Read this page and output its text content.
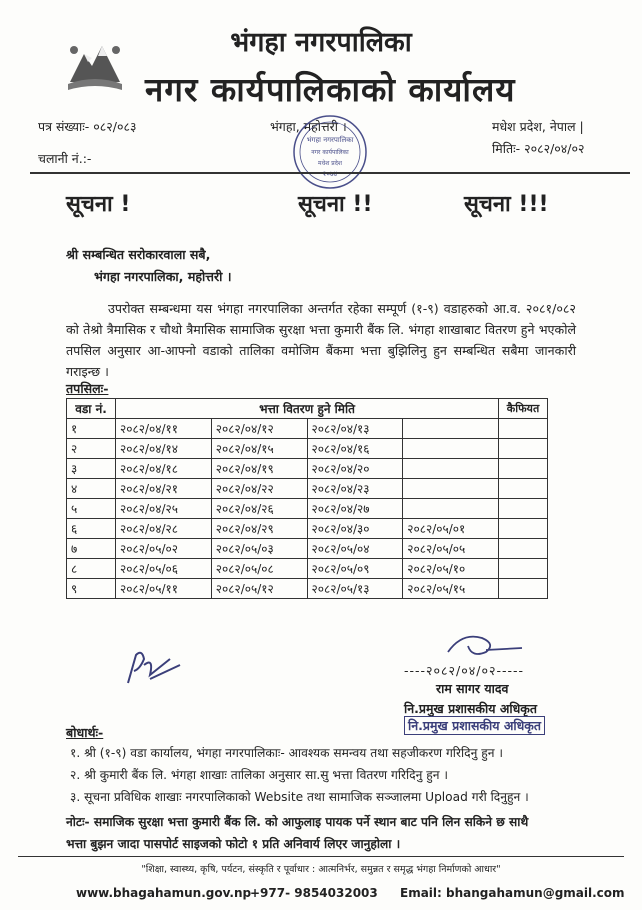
भंगहा नगरपालिका
नगर कार्यपालिकाको कार्यालय
पत्र संख्याः- ०८२/०८३
चलानी नं.:-
भंगहा, महोत्तरी ।	मधेश प्रदेश, नेपाल |
मितिः- २०८२/०४/०२
भंगहा नगरपालिका
नगर कार्यपालिका
मधेश प्रदेश
२०७४
सूचना !	सूचना !!	सूचना !!!
श्री सम्बन्धित सरोकारवाला सबै,
भंगहा नगरपालिका, महोत्तरी ।
उपरोक्त सम्बन्धमा यस भंगहा नगरपालिका अन्तर्गत रहेका सम्पूर्ण (१-९) वडाहरुको आ.व. २०८१/०८२ को तेश्रो त्रैमासिक र चौथो त्रैमासिक सामाजिक सुरक्षा भत्ता कुमारी बैंक लि. भंगहा शाखाबाट वितरण हुने भएकोले तपसिल अनुसार आ-आफ्नो वडाको तालिका वमोजिम बैंकमा भत्ता बुझिलिनु हुन सम्बन्धित सबैमा जानकारी गराइन्छ ।
तपसिलः-
वडा नं.	भत्ता वितरण हुने मिति				कैफियत
१	२०८२/०४/११	२०८२/०४/१२	२०८२/०४/१३		
२	२०८२/०४/१४	२०८२/०४/१५	२०८२/०४/१६		
३	२०८२/०४/१८	२०८२/०४/१९	२०८२/०४/२०		
४	२०८२/०४/२१	२०८२/०४/२२	२०८२/०४/२३		
५	२०८२/०४/२५	२०८२/०४/२६	२०८२/०४/२७		
६	२०८२/०४/२८	२०८२/०४/२९	२०८२/०४/३०	२०८२/०५/०१	
७	२०८२/०५/०२	२०८२/०५/०३	२०८२/०५/०४	२०८२/०५/०५	
८	२०८२/०५/०६	२०८२/०५/०८	२०८२/०५/०९	२०८२/०५/१०	
९	२०८२/०५/११	२०८२/०५/१२	२०८२/०५/१३	२०८२/०५/१५	
----२०८२/०४/०२-----
राम सागर यादव
नि.प्रमुख प्रशासकीय अधिकृत
नि.प्रमुख प्रशासकीय अधिकृत
बोधार्थः-
१. श्री (१-९) वडा कार्यालय, भंगहा नगरपालिकाः- आवश्यक समन्वय तथा सहजीकरण गरिदिनु हुन ।
२. श्री कुमारी बैंक लि. भंगहा शाखाः तालिका अनुसार सा.सु भत्ता वितरण गरिदिनु हुन ।
३. सूचना प्रविधिक शाखाः नगरपालिकाको Website तथा सामाजिक सञ्जालमा Upload गरी दिनुहुन ।
नोटः- समाजिक सुरक्षा भत्ता कुमारी बैंक लि. को आफुलाइ पायक पर्ने स्थान बाट पनि लिन सकिने छ साथै
भत्ता बुझन जादा पासपोर्ट साइजको फोटो १ प्रति अनिवार्य लिएर जानुहोला ।
"शिक्षा, स्वास्थ्य, कृषि, पर्यटन, संस्कृति र पूर्वाधार : आत्मनिर्भर, समुन्नत र समृद्ध भंगहा निर्माणको आधार"
www.bhagahamun.gov.np
+977- 9854032003 Email: bhangahamun@gmail.com
